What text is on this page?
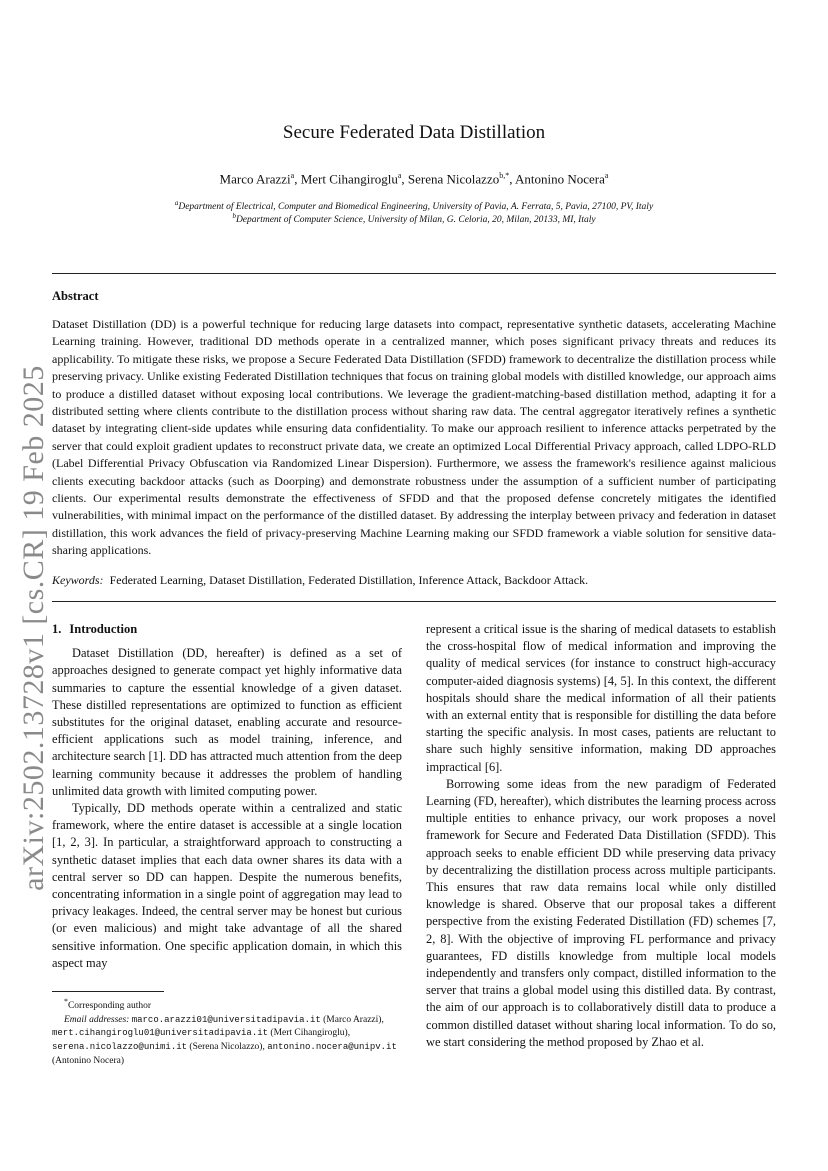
arXiv:2502.13728v1 [cs.CR] 19 Feb 2025
Secure Federated Data Distillation
Marco Arazzi$^a$, Mert Cihangiroglu$^a$, Serena Nicolazzo$^{b,*}$, Antonino Nocera$^a$
$^a$Department of Electrical, Computer and Biomedical Engineering, University of Pavia, A. Ferrata, 5, Pavia, 27100, PV, Italy
$^b$Department of Computer Science, University of Milan, G. Celoria, 20, Milan, 20133, MI, Italy
Abstract
Dataset Distillation (DD) is a powerful technique for reducing large datasets into compact, representative synthetic datasets, accelerating Machine Learning training. However, traditional DD methods operate in a centralized manner, which poses significant privacy threats and reduces its applicability. To mitigate these risks, we propose a Secure Federated Data Distillation (SFDD) framework to decentralize the distillation process while preserving privacy. Unlike existing Federated Distillation techniques that focus on training global models with distilled knowledge, our approach aims to produce a distilled dataset without exposing local contributions. We leverage the gradient-matching-based distillation method, adapting it for a distributed setting where clients contribute to the distillation process without sharing raw data. The central aggregator iteratively refines a synthetic dataset by integrating client-side updates while ensuring data confidentiality. To make our approach resilient to inference attacks perpetrated by the server that could exploit gradient updates to reconstruct private data, we create an optimized Local Differential Privacy approach, called LDPO-RLD (Label Differential Privacy Obfuscation via Randomized Linear Dispersion). Furthermore, we assess the framework's resilience against malicious clients executing backdoor attacks (such as Doorping) and demonstrate robustness under the assumption of a sufficient number of participating clients. Our experimental results demonstrate the effectiveness of SFDD and that the proposed defense concretely mitigates the identified vulnerabilities, with minimal impact on the performance of the distilled dataset. By addressing the interplay between privacy and federation in dataset distillation, this work advances the field of privacy-preserving Machine Learning making our SFDD framework a viable solution for sensitive data-sharing applications.
Keywords: Federated Learning, Dataset Distillation, Federated Distillation, Inference Attack, Backdoor Attack.
1. Introduction

Dataset Distillation (DD, hereafter) is defined as a set of approaches designed to generate compact yet highly informative data summaries to capture the essential knowledge of a given dataset. These distilled representations are optimized to function as efficient substitutes for the original dataset, enabling accurate and resource-efficient applications such as model training, inference, and architecture search [1]. DD has attracted much attention from the deep learning community because it addresses the problem of handling unlimited data growth with limited computing power.

Typically, DD methods operate within a centralized and static framework, where the entire dataset is accessible at a single location [1, 2, 3]. In particular, a straightforward approach to constructing a synthetic dataset implies that each data owner shares its data with a central server so DD can happen. Despite the numerous benefits, concentrating information in a single point of aggregation may lead to privacy leakages. Indeed, the central server may be honest but curious (or even malicious) and might take advantage of all the shared sensitive information. One specific application domain, in which this aspect may

represent a critical issue is the sharing of medical datasets to establish the cross-hospital flow of medical information and improving the quality of medical services (for instance to construct high-accuracy computer-aided diagnosis systems) [4, 5]. In this context, the different hospitals should share the medical information of all their patients with an external entity that is responsible for distilling the data before starting the specific analysis. In most cases, patients are reluctant to share such highly sensitive information, making DD approaches impractical [6].

Borrowing some ideas from the new paradigm of Federated Learning (FD, hereafter), which distributes the learning process across multiple entities to enhance privacy, our work proposes a novel framework for Secure and Federated Data Distillation (SFDD). This approach seeks to enable efficient DD while preserving data privacy by decentralizing the distillation process across multiple participants. This ensures that raw data remains local while only distilled knowledge is shared. Observe that our proposal takes a different perspective from the existing Federated Distillation (FD) schemes [7, 2, 8]. With the objective of improving FL performance and privacy guarantees, FD distills knowledge from multiple local models independently and transfers only compact, distilled information to the server that trains a global model using this distilled data. By contrast, the aim of our approach is to collaboratively distill data to produce a common distilled dataset without sharing local information. To do so, we start considering the method proposed by Zhao et al.

*Corresponding author

Email addresses: marco.arazzi01@universitadipavia.it (Marco Arazzi), mert.cihangiroglu01@universitadipavia.it (Mert Cihangiroglu), serena.nicolazzo@unimi.it (Serena Nicolazzo), antonino.nocera@unipv.it (Antonino Nocera)
